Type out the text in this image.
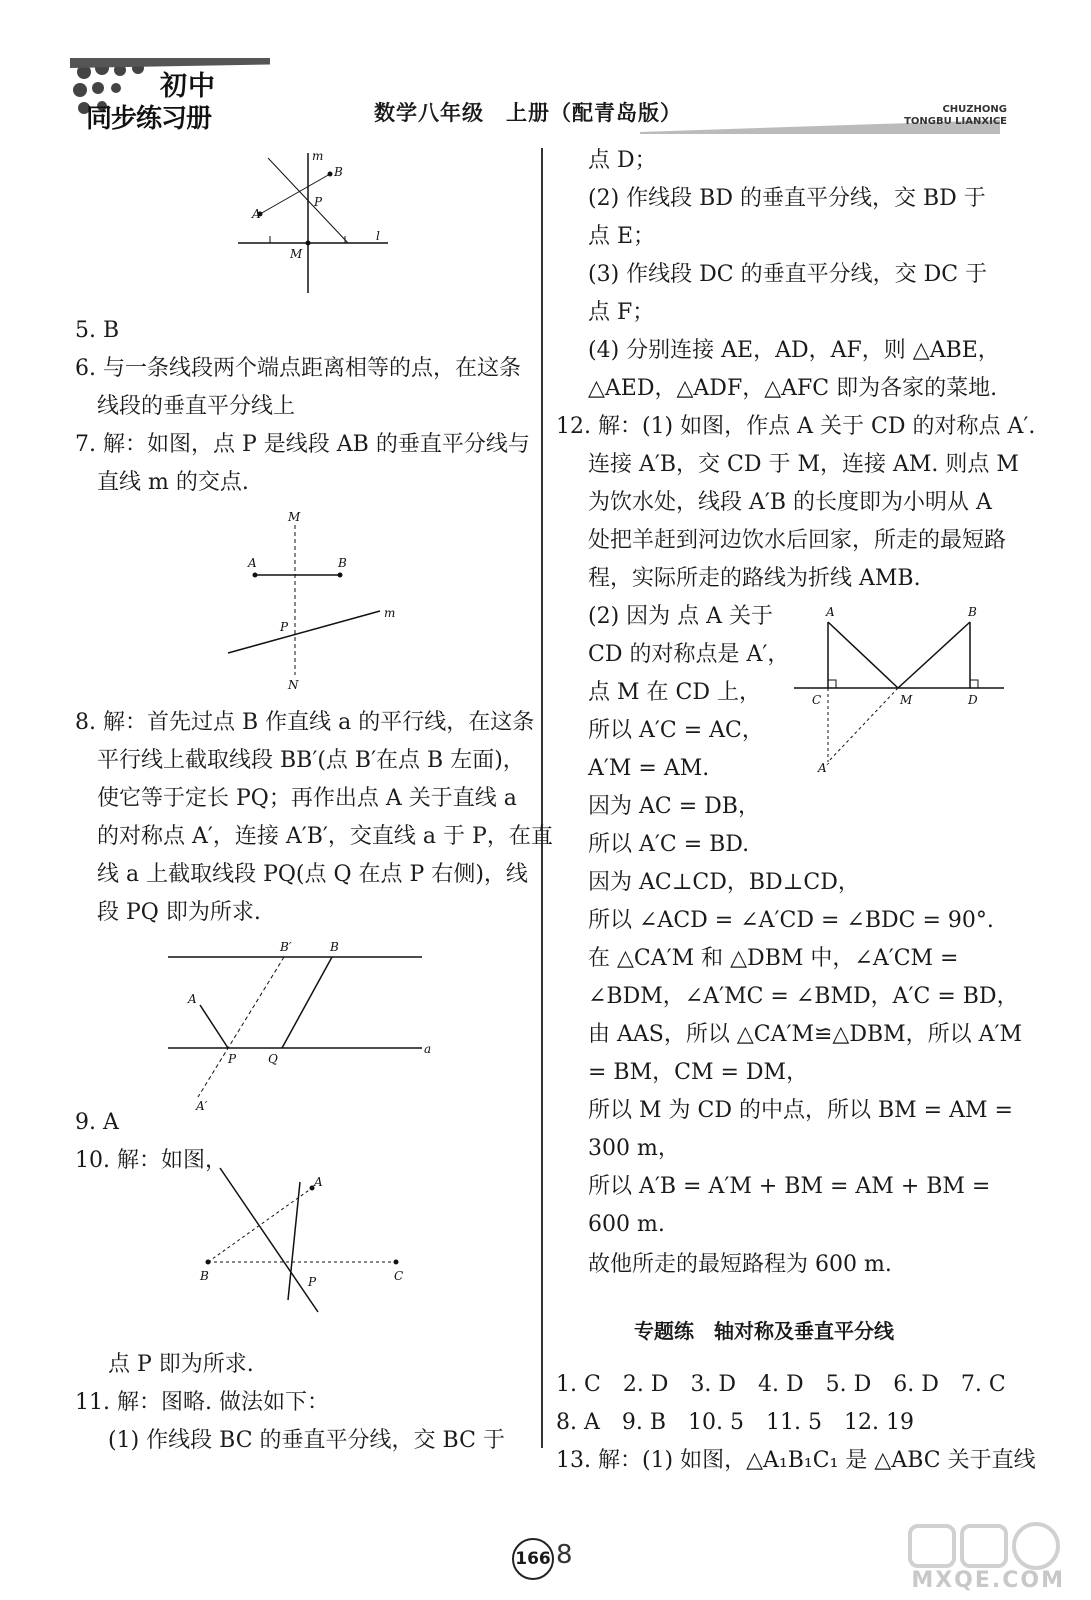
初中
同步练习册	数学八年级　上册（配青岛版）	CHUZHONG
TONGBU LIANXICE
m
B
A
P
M
l
5. B
6. 与一条线段两个端点距离相等的点，在这条
线段的垂直平分线上
7. 解：如图，点 P 是线段 AB 的垂直平分线与
直线 m 的交点.
M
A	B
P
m
N
8. 解：首先过点 B 作直线 a 的平行线，在这条
平行线上截取线段 BB′(点 B′在点 B 左面)，
使它等于定长 PQ；再作出点 A 关于直线 a
的对称点 A′，连接 A′B′，交直线 a 于 P，在直
线 a 上截取线段 PQ(点 Q 在点 P 右侧)，线
段 PQ 即为所求.
B′	B
A
P	Q
a
A′
9. A
10. 解：如图，
A
B	P	C
点 P 即为所求.
11. 解：图略. 做法如下：
(1) 作线段 BC 的垂直平分线，交 BC 于
点 D；
(2) 作线段 BD 的垂直平分线，交 BD 于
点 E；
(3) 作线段 DC 的垂直平分线，交 DC 于
点 F；
(4) 分别连接 AE，AD，AF，则 △ABE，
△AED，△ADF，△AFC 即为各家的菜地.
12. 解：(1) 如图，作点 A 关于 CD 的对称点 A′.
连接 A′B，交 CD 于 M，连接 AM. 则点 M
为饮水处，线段 A′B 的长度即为小明从 A
处把羊赶到河边饮水后回家，所走的最短路
程，实际所走的路线为折线 AMB.
(2) 因为 点 A 关于
CD 的对称点是 A′，
点 M 在 CD 上，
所以 A′C = AC，
A′M = AM.
A	B
C	M	D
A′
因为 AC = DB，
所以 A′C = BD.
因为 AC⊥CD，BD⊥CD，
所以 ∠ACD = ∠A′CD = ∠BDC = 90°.
在 △CA′M 和 △DBM 中，∠A′CM =
∠BDM，∠A′MC = ∠BMD，A′C = BD，
由 AAS，所以 △CA′M≌△DBM，所以 A′M
= BM，CM = DM，
所以 M 为 CD 的中点，所以 BM = AM =
300 m，
所以 A′B = A′M + BM = AM + BM =
600 m.
故他所走的最短路程为 600 m.
专题练　轴对称及垂直平分线
1. C　2. D　3. D　4. D　5. D　6. D　7. C
8. A　9. B　10. 5　11. 5　12. 19
13. 解：(1) 如图，△A₁B₁C₁ 是 △ABC 关于直线
166 8
MXQE.COM
